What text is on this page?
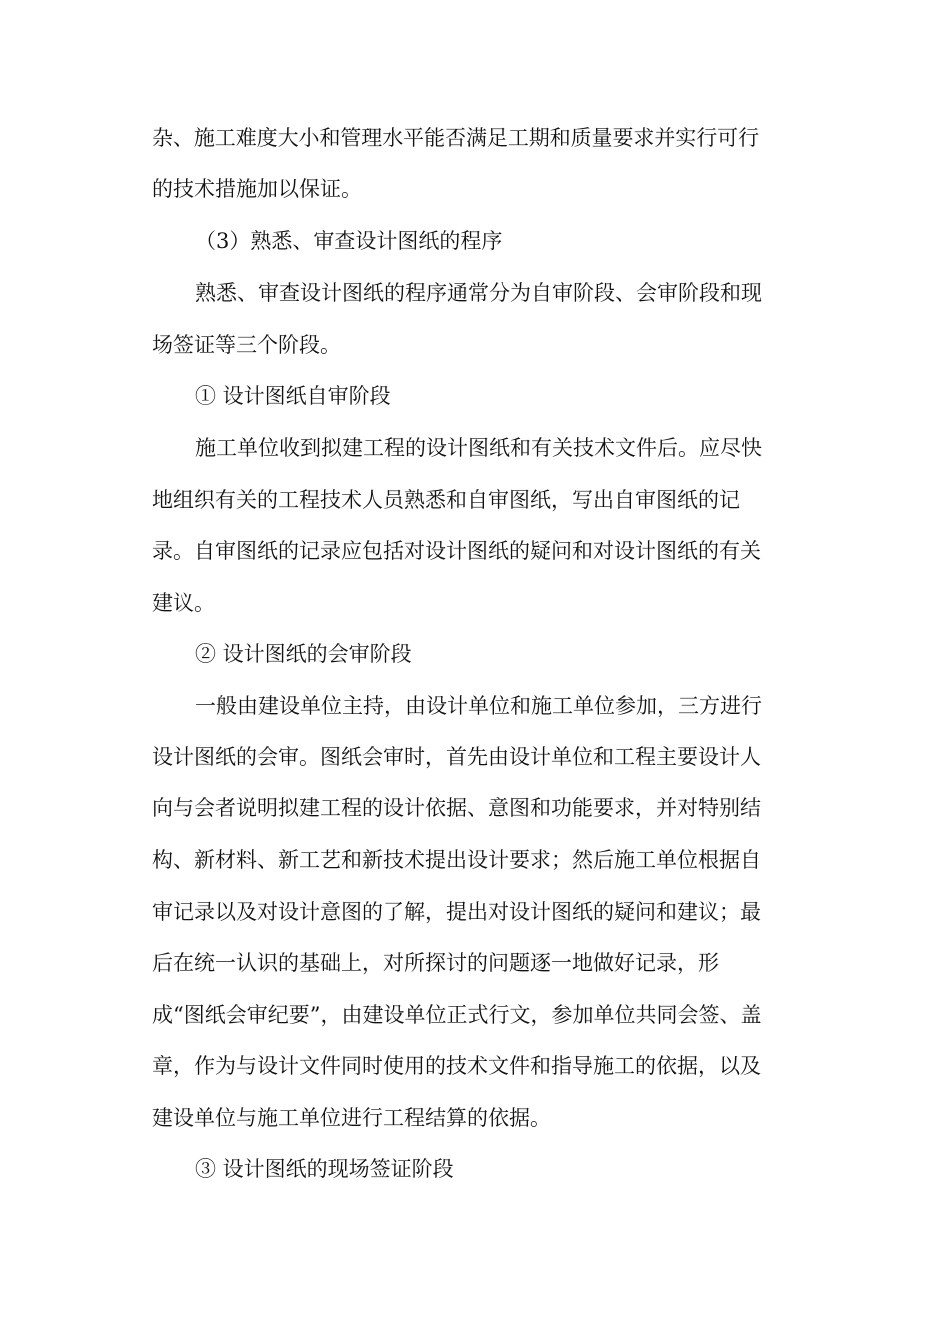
杂、施工难度大小和管理水平能否满足工期和质量要求并实行可行
的技术措施加以保证。
（3）熟悉、审查设计图纸的程序
熟悉、审查设计图纸的程序通常分为自审阶段、会审阶段和现
场签证等三个阶段。
① 设计图纸自审阶段
施工单位收到拟建工程的设计图纸和有关技术文件后。应尽快
地组织有关的工程技术人员熟悉和自审图纸，写出自审图纸的记
录。自审图纸的记录应包括对设计图纸的疑问和对设计图纸的有关
建议。
② 设计图纸的会审阶段
一般由建设单位主持，由设计单位和施工单位参加，三方进行
设计图纸的会审。图纸会审时，首先由设计单位和工程主要设计人
向与会者说明拟建工程的设计依据、意图和功能要求，并对特别结
构、新材料、新工艺和新技术提出设计要求；然后施工单位根据自
审记录以及对设计意图的了解，提出对设计图纸的疑问和建议；最
后在统一认识的基础上，对所探讨的问题逐一地做好记录，形
成“图纸会审纪要”，由建设单位正式行文，参加单位共同会签、盖
章，作为与设计文件同时使用的技术文件和指导施工的依据，以及
建设单位与施工单位进行工程结算的依据。
③ 设计图纸的现场签证阶段
